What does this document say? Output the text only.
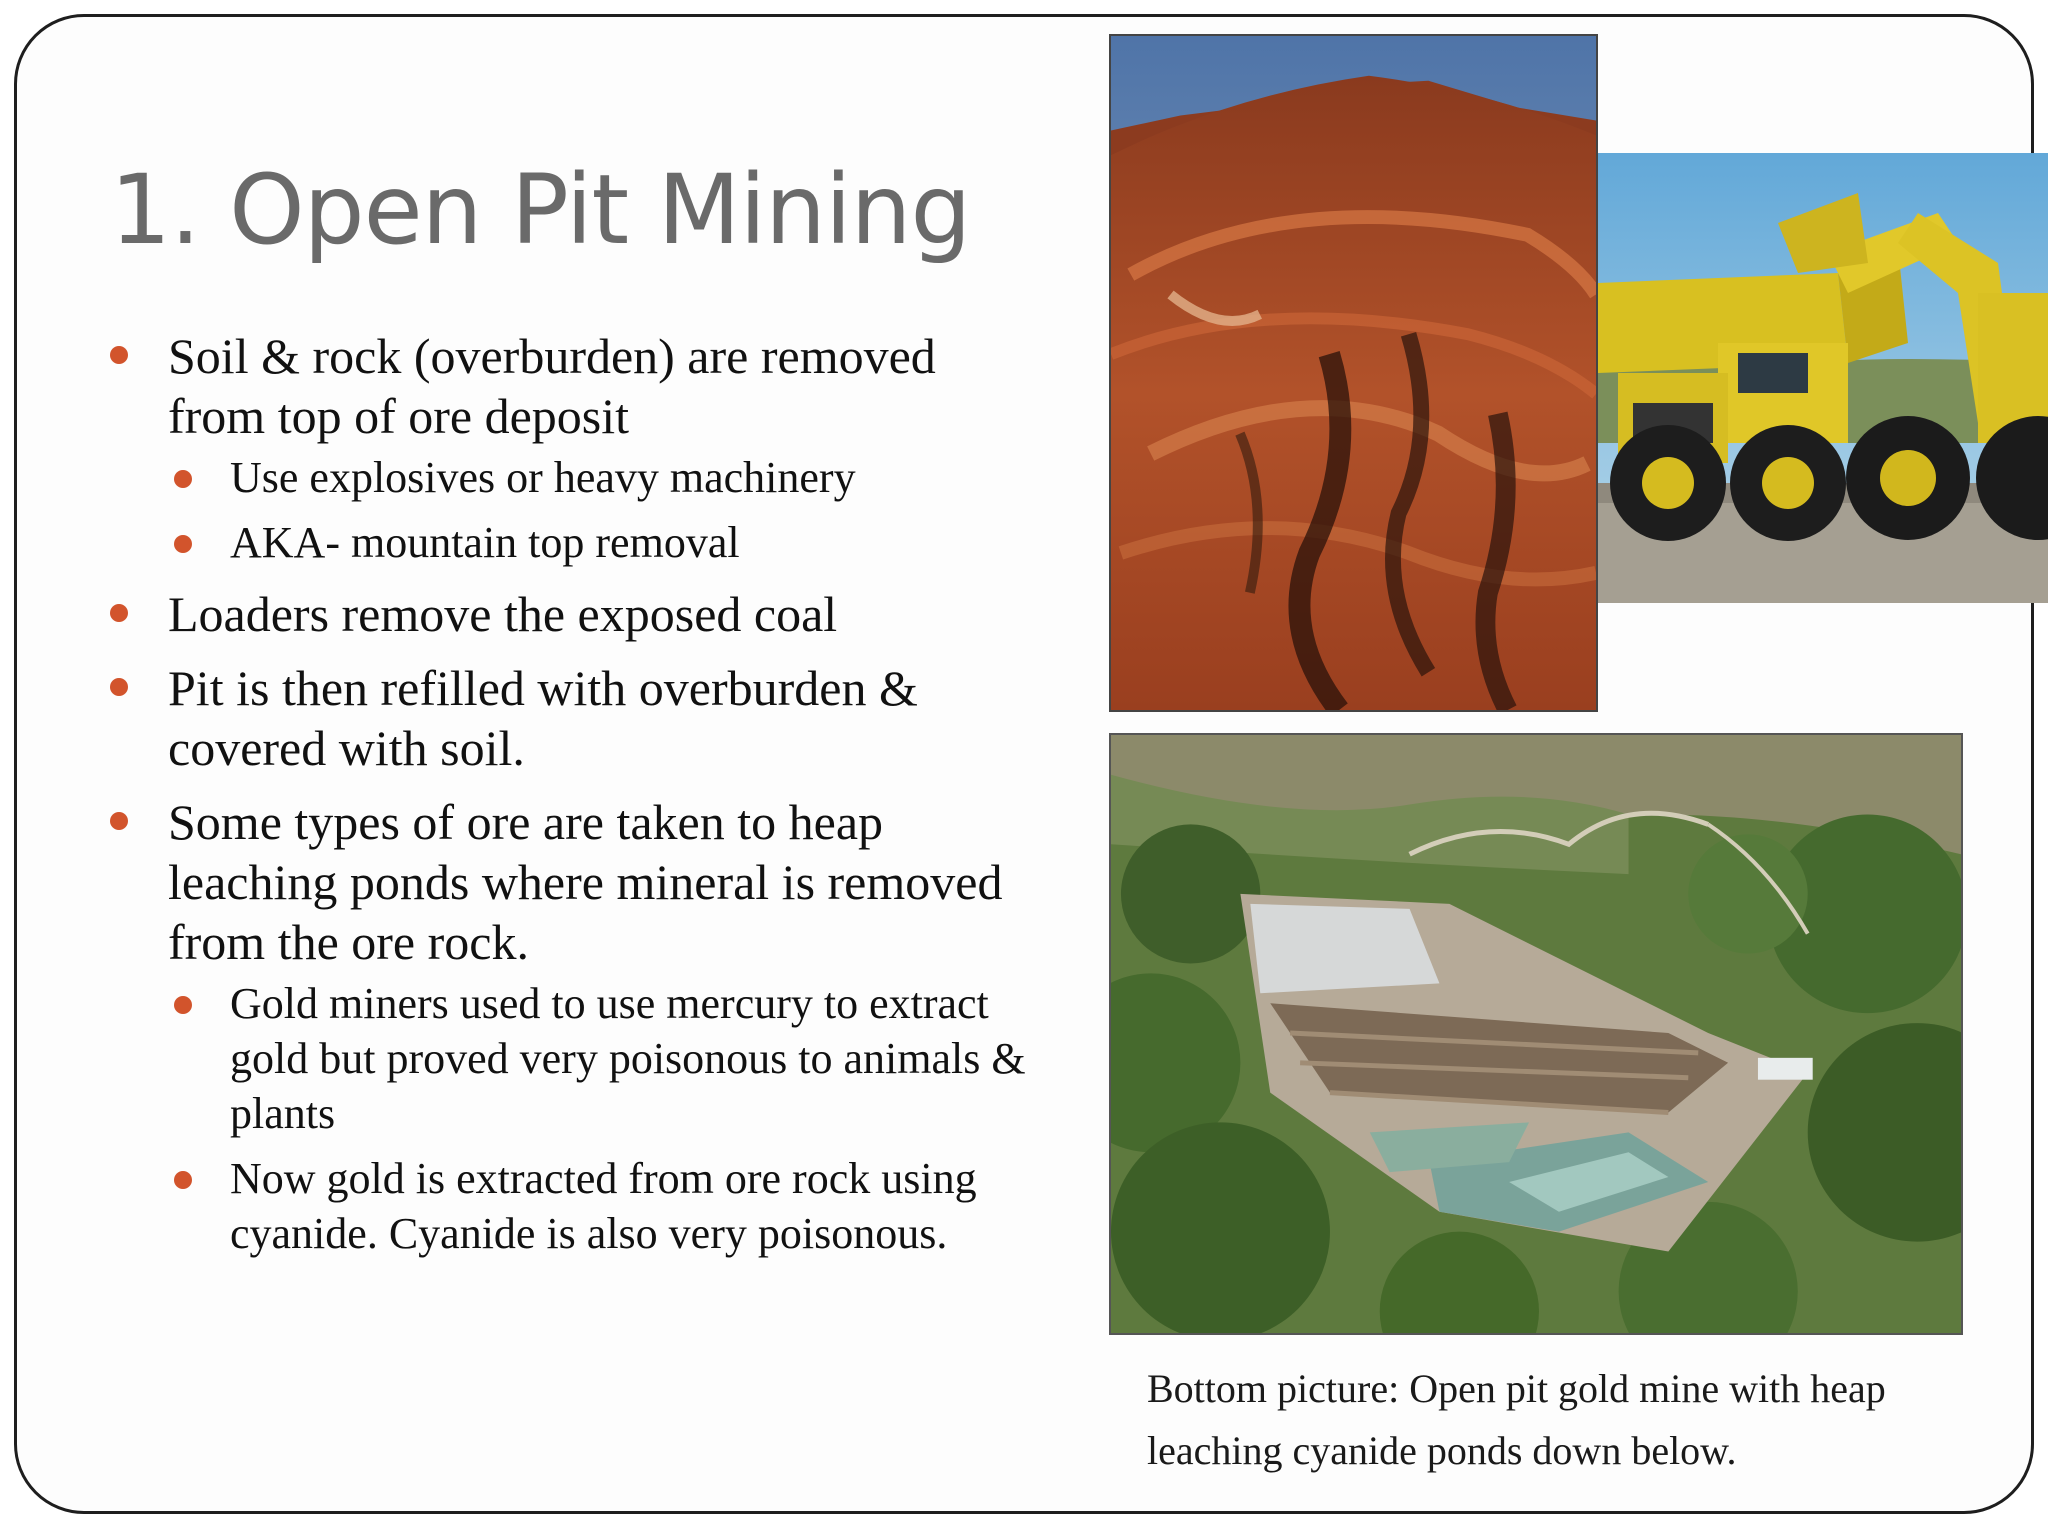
1. Open Pit Mining
Soil & rock (overburden) are removed from top of ore deposit
Use explosives or heavy machinery
AKA- mountain top removal
Loaders remove the exposed coal
Pit is then refilled with overburden & covered with soil.
Some types of ore are taken to heap leaching ponds where mineral is removed from the ore rock.
Gold miners used to use mercury to extract gold but proved very poisonous to animals & plants
Now gold is extracted from ore rock using cyanide. Cyanide is also very poisonous.

Bottom picture: Open pit gold mine with heap leaching cyanide ponds down below.
